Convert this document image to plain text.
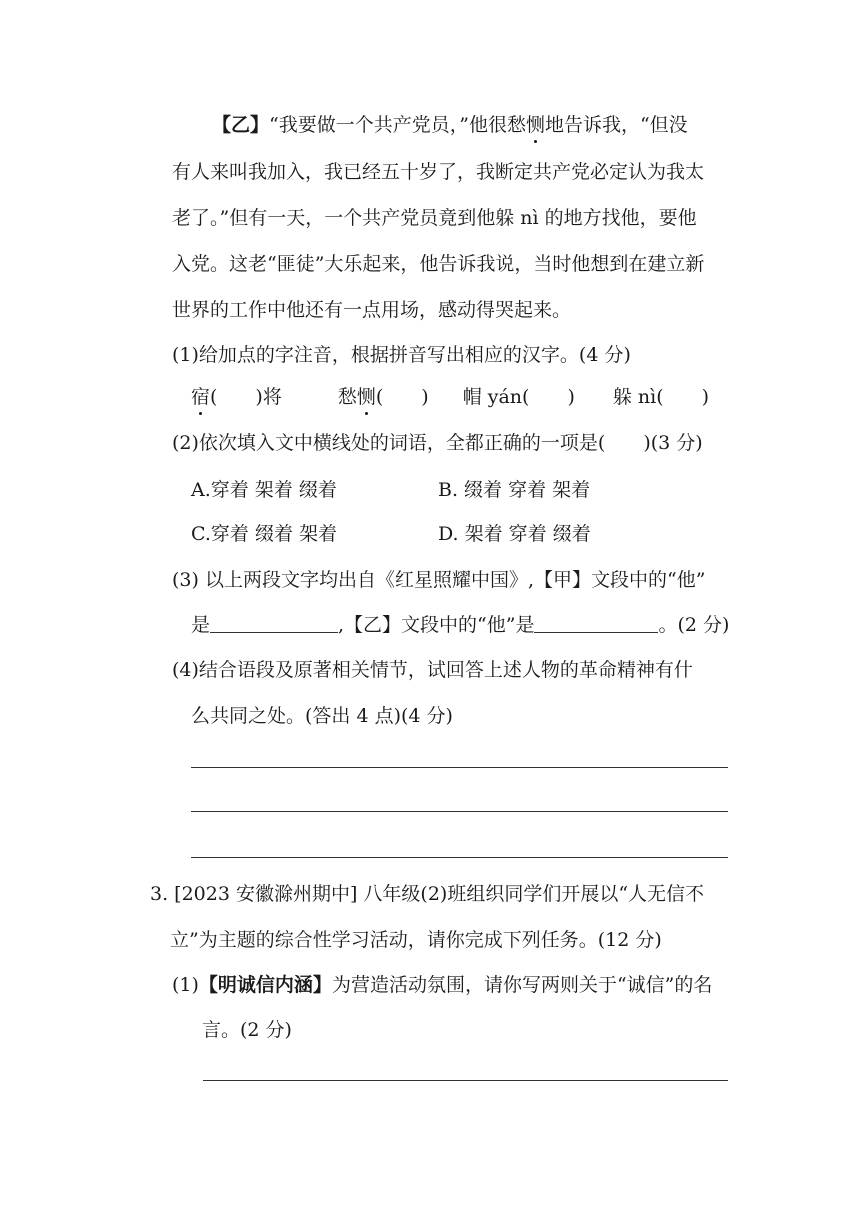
【乙】“我要做一个共产党员，”他很愁恻地告诉我，“但没
有人来叫我加入，我已经五十岁了，我断定共产党必定认为我太
老了。”但有一天，一个共产党员竟到他躲 nì 的地方找他，要他
入党。这老“匪徒”大乐起来，他告诉我说，当时他想到在建立新
世界的工作中他还有一点用场，感动得哭起来。
(1)给加点的字注音，根据拼音写出相应的汉字。(4 分)
宿(　　)将	愁恻(　　) 帽 yán(　　) 躲 nì(　　)
(2)依次填入文中横线处的词语，全都正确的一项是(　　)(3 分)
A.穿着 架着 缀着	B. 缀着 穿着 架着
C.穿着 缀着 架着	D. 架着 穿着 缀着
(3) 以上两段文字均出自《红星照耀中国》,【甲】文段中的“他”
是	,【乙】文段中的“他”是	。(2 分)
(4)结合语段及原著相关情节，试回答上述人物的革命精神有什
么共同之处。(答出 4 点)(4 分)
3. [2023 安徽滁州期中] 八年级(2)班组织同学们开展以“人无信不
立”为主题的综合性学习活动，请你完成下列任务。(12 分)
(1)【明诚信内涵】为营造活动氛围，请你写两则关于“诚信”的名
言。(2 分)
